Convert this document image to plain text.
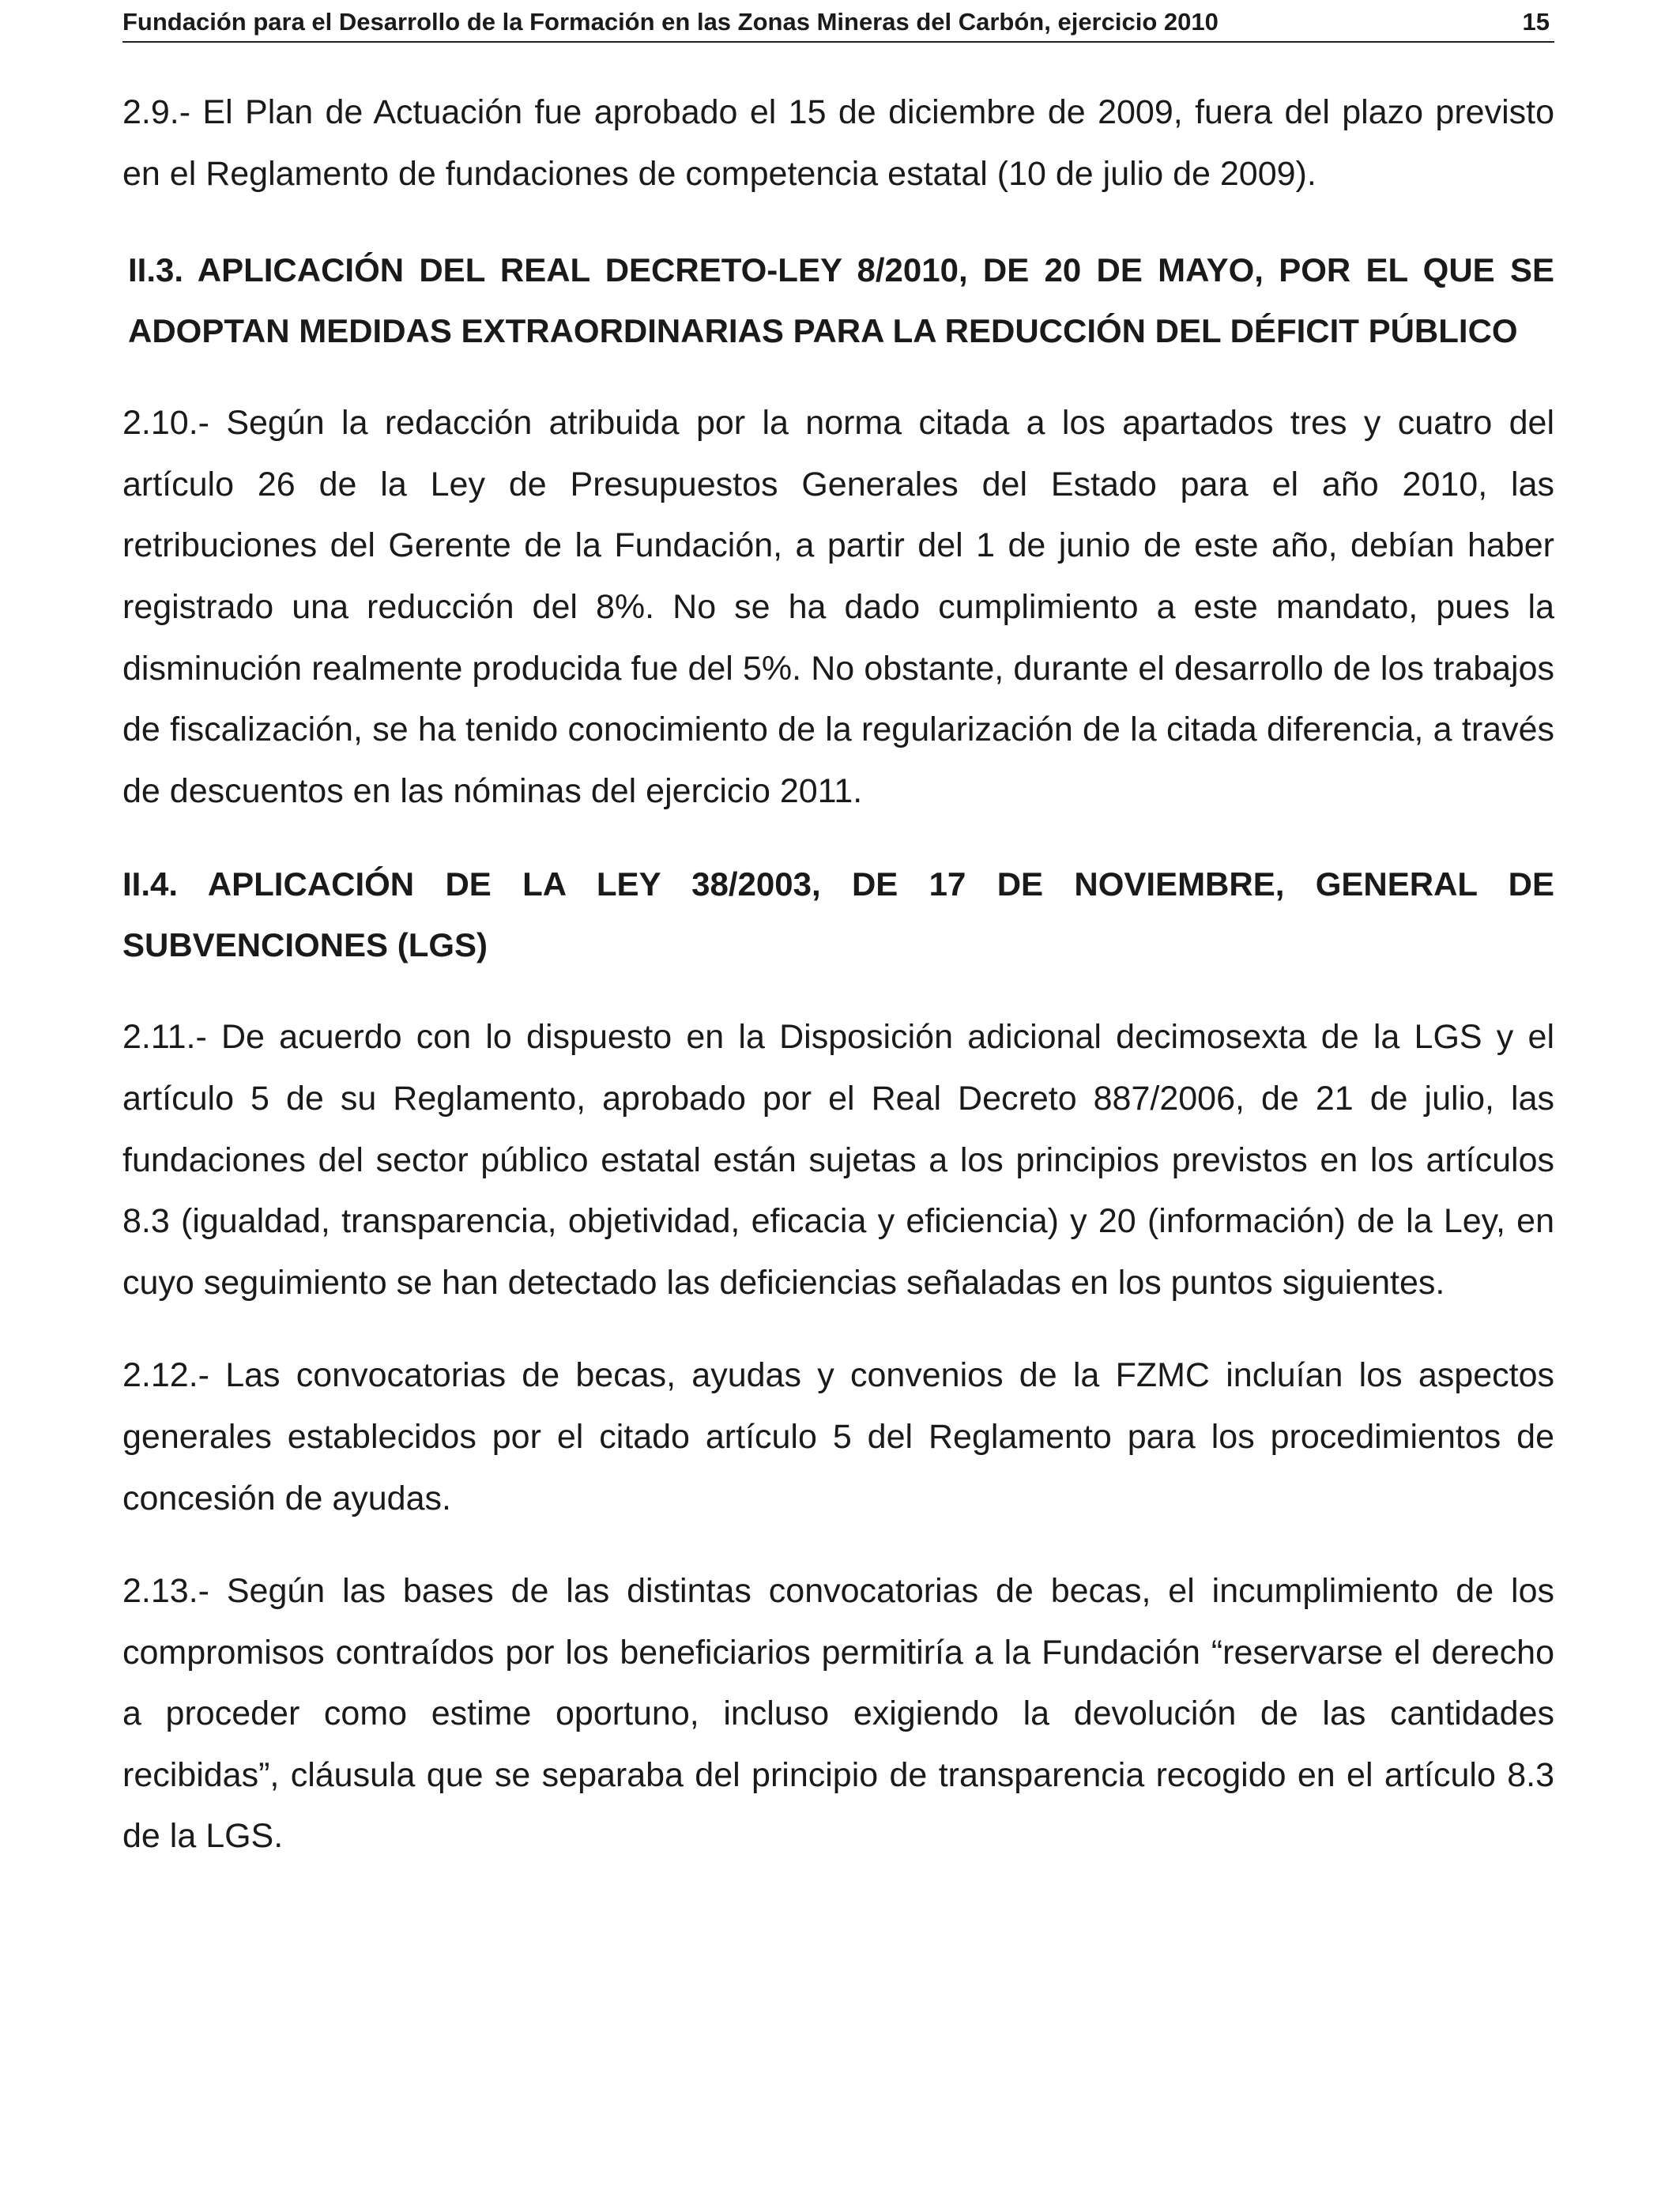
Fundación para el Desarrollo de la Formación en las Zonas Mineras del Carbón, ejercicio 2010	15

2.9.- El Plan de Actuación fue aprobado el 15 de diciembre de 2009, fuera del plazo previsto en el Reglamento de fundaciones de competencia estatal (10 de julio de 2009).

II.3. APLICACIÓN DEL REAL DECRETO-LEY 8/2010, DE 20 DE MAYO, POR EL QUE SE ADOPTAN MEDIDAS EXTRAORDINARIAS PARA LA REDUCCIÓN DEL DÉFICIT PÚBLICO

2.10.- Según la redacción atribuida por la norma citada a los apartados tres y cuatro del artículo 26 de la Ley de Presupuestos Generales del Estado para el año 2010, las retribuciones del Gerente de la Fundación, a partir del 1 de junio de este año, debían haber registrado una reducción del 8%. No se ha dado cumplimiento a este mandato, pues la disminución realmente producida fue del 5%. No obstante, durante el desarrollo de los trabajos de fiscalización, se ha tenido conocimiento de la regularización de la citada diferencia, a través de descuentos en las nóminas del ejercicio 2011.

II.4. APLICACIÓN DE LA LEY 38/2003, DE 17 DE NOVIEMBRE, GENERAL DE SUBVENCIONES (LGS)

2.11.- De acuerdo con lo dispuesto en la Disposición adicional decimosexta de la LGS y el artículo 5 de su Reglamento, aprobado por el Real Decreto 887/2006, de 21 de julio, las fundaciones del sector público estatal están sujetas a los principios previstos en los artículos 8.3 (igualdad, transparencia, objetividad, eficacia y eficiencia) y 20 (información) de la Ley, en cuyo seguimiento se han detectado las deficiencias señaladas en los puntos siguientes.

2.12.- Las convocatorias de becas, ayudas y convenios de la FZMC incluían los aspectos generales establecidos por el citado artículo 5 del Reglamento para los procedimientos de concesión de ayudas.

2.13.- Según las bases de las distintas convocatorias de becas, el incumplimiento de los compromisos contraídos por los beneficiarios permitiría a la Fundación “reservarse el derecho a proceder como estime oportuno, incluso exigiendo la devolución de las cantidades recibidas”, cláusula que se separaba del principio de transparencia recogido en el artículo 8.3 de la LGS.
